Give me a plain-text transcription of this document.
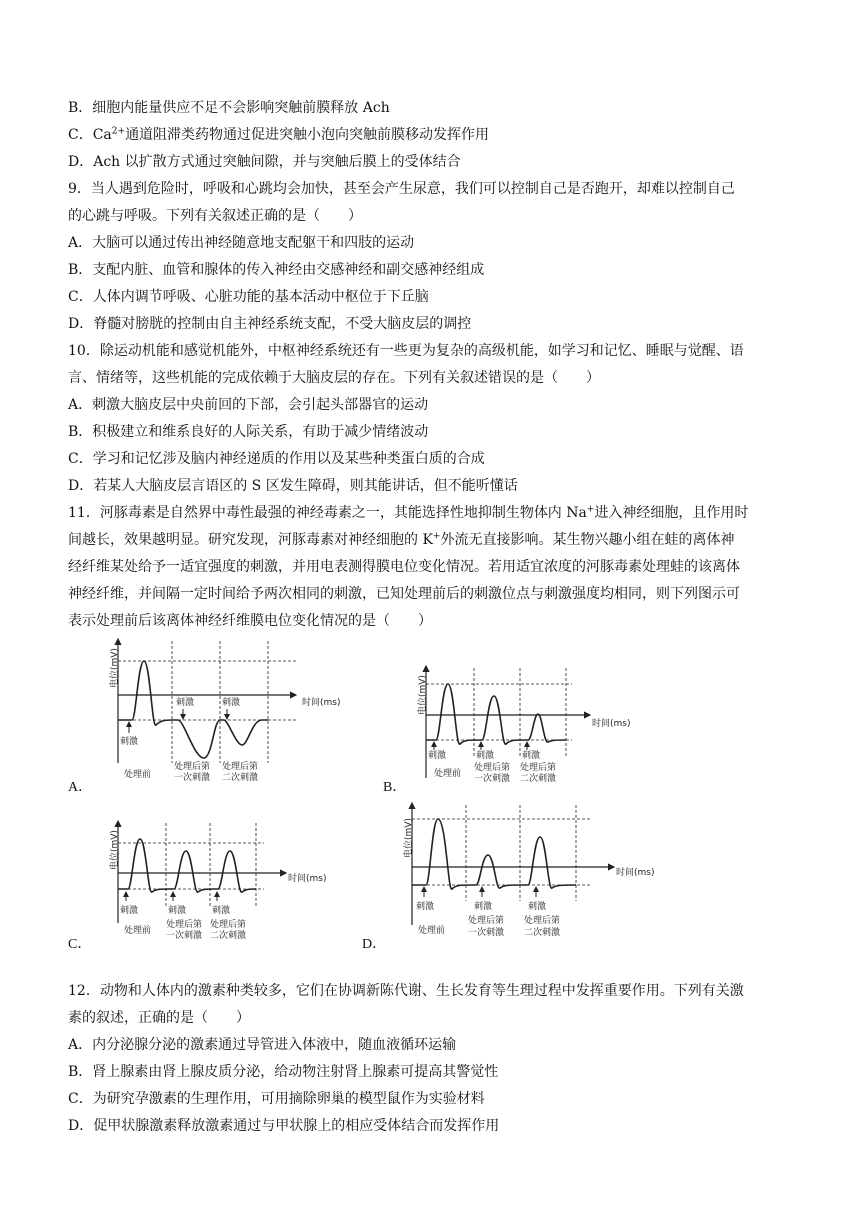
B．细胞内能量供应不足不会影响突触前膜释放 Ach
C．$Ca^{2+}$通道阻滞类药物通过促进突触小泡向突触前膜移动发挥作用
D．Ach 以扩散方式通过突触间隙，并与突触后膜上的受体结合
9．当人遇到危险时，呼吸和心跳均会加快，甚至会产生尿意，我们可以控制自己是否跑开，却难以控制自己
的心跳与呼吸。下列有关叙述正确的是（　　）
A．大脑可以通过传出神经随意地支配躯干和四肢的运动
B．支配内脏、血管和腺体的传入神经由交感神经和副交感神经组成
C．人体内调节呼吸、心脏功能的基本活动中枢位于下丘脑
D．脊髓对膀胱的控制由自主神经系统支配，不受大脑皮层的调控
10．除运动机能和感觉机能外，中枢神经系统还有一些更为复杂的高级机能，如学习和记忆、睡眠与觉醒、语
言、情绪等，这些机能的完成依赖于大脑皮层的存在。下列有关叙述错误的是（　　）
A．刺激大脑皮层中央前回的下部，会引起头部器官的运动
B．积极建立和维系良好的人际关系，有助于减少情绪波动
C．学习和记忆涉及脑内神经递质的作用以及某些种类蛋白质的合成
D．若某人大脑皮层言语区的 S 区发生障碍，则其能讲话，但不能听懂话
11．河豚毒素是自然界中毒性最强的神经毒素之一，其能选择性地抑制生物体内 Na+进入神经细胞，且作用时
间越长，效果越明显。研究发现，河豚毒素对神经细胞的 K+外流无直接影响。某生物兴趣小组在蛙的离体神
经纤维某处给予一适宜强度的刺激，并用电表测得膜电位变化情况。若用适宜浓度的河豚毒素处理蛙的该离体
神经纤维，并间隔一定时间给予两次相同的刺激，已知处理前后的刺激位点与刺激强度均相同，则下列图示可
表示处理前后该离体神经纤维膜电位变化情况的是（　　）
A．	B．
C．	D．
电位(mV)
时间(ms)
刺激
刺激	刺激
处理前
处理后第
一次刺激
处理后第
二次刺激
电位(mV)
时间(ms)
刺激	刺激	刺激
处理前
处理后第
一次刺激
处理后第
二次刺激
电位(mV)
时间(ms)
刺激	刺激	刺激
处理前
处理后第
一次刺激
处理后第
二次刺激
电位(mV)
时间(ms)
刺激	刺激	刺激
处理前
处理后第
一次刺激
处理后第
二次刺激
12．动物和人体内的激素种类较多，它们在协调新陈代谢、生长发育等生理过程中发挥重要作用。下列有关激
素的叙述，正确的是（　　）
A．内分泌腺分泌的激素通过导管进入体液中，随血液循环运输
B．肾上腺素由肾上腺皮质分泌，给动物注射肾上腺素可提高其警觉性
C．为研究孕激素的生理作用，可用摘除卵巢的模型鼠作为实验材料
D．促甲状腺激素释放激素通过与甲状腺上的相应受体结合而发挥作用
